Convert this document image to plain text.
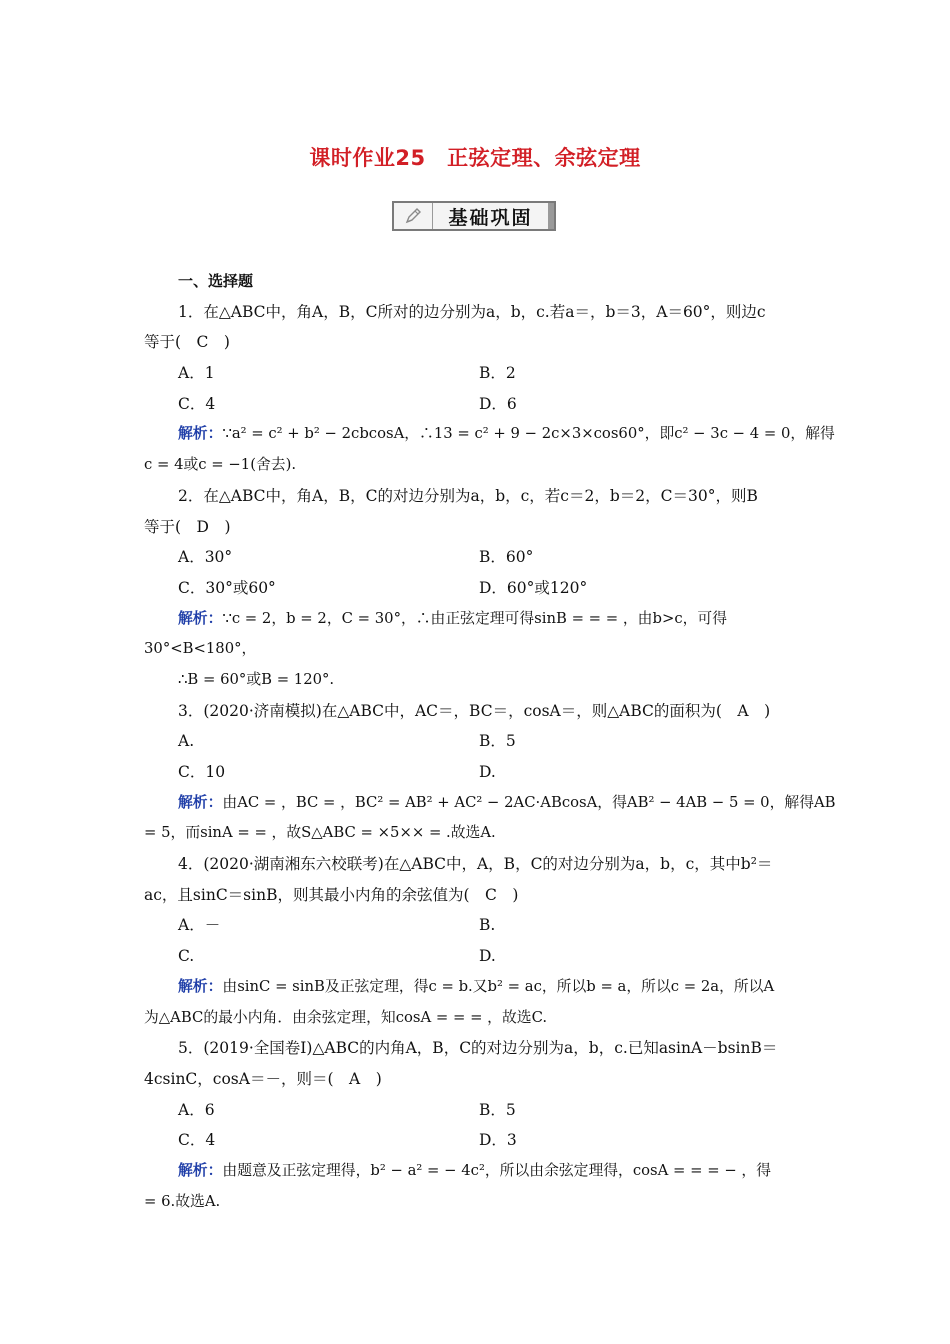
课时作业25　正弦定理、余弦定理
基础巩固
一、选择题
1．在△ABC中，角A，B，C所对的边分别为a，b，c.若a＝，b＝3，A＝60°，则边c
等于(　C　)
A．1	B．2
C．4	D．6
解析：∵a² = c² + b² − 2cbcosA，∴13 = c² + 9 − 2c×3×cos60°，即c² − 3c − 4 = 0，解得
c = 4或c = −1(舍去).
2．在△ABC中，角A，B，C的对边分别为a，b，c，若c＝2，b＝2，C＝30°，则B
等于(　D　)
A．30°	B．60°
C．30°或60°	D．60°或120°
解析：∵c = 2，b = 2，C = 30°，∴由正弦定理可得sinB = = = ，由b>c，可得
30°<B<180°，
∴B = 60°或B = 120°.
3．(2020·济南模拟)在△ABC中，AC＝，BC＝，cosA＝，则△ABC的面积为(　A　)
A.	B．5
C．10	D.
解析：由AC = ，BC = ，BC² = AB² + AC² − 2AC·ABcosA，得AB² − 4AB − 5 = 0，解得AB
= 5，而sinA = = ，故S△ABC = ×5×× = .故选A.
4．(2020·湖南湘东六校联考)在△ABC中，A，B，C的对边分别为a，b，c，其中b²＝
ac，且sinC＝sinB，则其最小内角的余弦值为(　C　)
A．－	B.
C.	D.
解析：由sinC = sinB及正弦定理，得c = b.又b² = ac，所以b = a，所以c = 2a，所以A
为△ABC的最小内角．由余弦定理，知cosA = = = ，故选C.
5．(2019·全国卷Ⅰ)△ABC的内角A，B，C的对边分别为a，b，c.已知asinA－bsinB＝
4csinC，cosA＝－，则＝(　A　)
A．6	B．5
C．4	D．3
解析：由题意及正弦定理得，b² − a² = − 4c²，所以由余弦定理得，cosA = = = − ，得
= 6.故选A.
